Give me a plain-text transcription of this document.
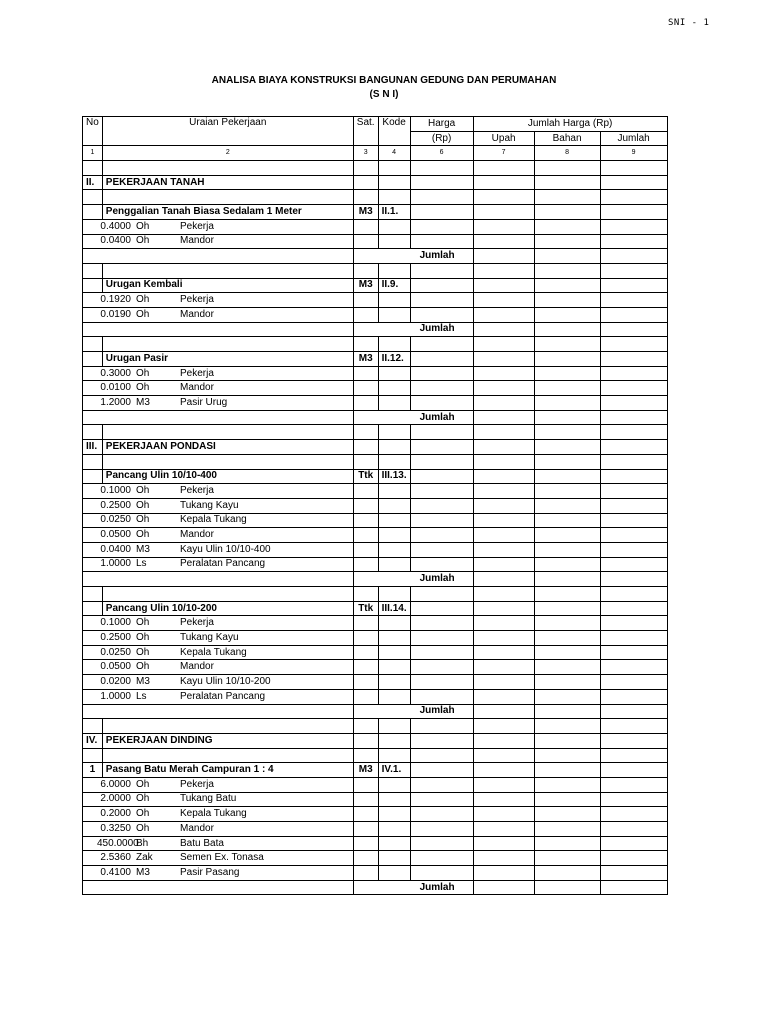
SNI - 1
ANALISA BIAYA KONSTRUKSI BANGUNAN GEDUNG DAN PERUMAHAN
(S N I)
No	Uraian Pekerjaan	Sat.	Kode	Harga	Jumlah Harga (Rp)		
				(Rp)	Upah	Bahan	Jumlah
1	2	3	4	6	7	8	9

II.	PEKERJAAN TANAH						

	Penggalian Tanah Biasa Sedalam 1 Meter	M3	II.1.				
0.4000 Oh Pekerja							
0.0400 Oh Mandor							
		Jumlah					

	Urugan Kembali	M3	II.9.				
0.1920 Oh Pekerja							
0.0190 Oh Mandor							
		Jumlah					

	Urugan Pasir	M3	II.12.				
0.3000 Oh Pekerja							
0.0100 Oh Mandor							
1.2000 M3 Pasir Urug							
		Jumlah					

III.	PEKERJAAN PONDASI						

	Pancang Ulin 10/10-400	Ttk	III.13.				
0.1000 Oh Pekerja							
0.2500 Oh Tukang Kayu							
0.0250 Oh Kepala Tukang							
0.0500 Oh Mandor							
0.0400 M3 Kayu Ulin 10/10-400							
1.0000 Ls Peralatan Pancang							
		Jumlah					

	Pancang Ulin 10/10-200	Ttk	III.14.				
0.1000 Oh Pekerja							
0.2500 Oh Tukang Kayu							
0.0250 Oh Kepala Tukang							
0.0500 Oh Mandor							
0.0200 M3 Kayu Ulin 10/10-200							
1.0000 Ls Peralatan Pancang							
		Jumlah					

IV.	PEKERJAAN DINDING						

1	Pasang Batu Merah Campuran 1 : 4	M3	IV.1.				
6.0000 Oh Pekerja							
2.0000 Oh Tukang Batu							
0.2000 Oh Kepala Tukang							
0.3250 Oh Mandor							
450.0000Bh Batu Bata							
2.5360 Zak Semen Ex. Tonasa							
0.4100 M3 Pasir Pasang							
		Jumlah					
